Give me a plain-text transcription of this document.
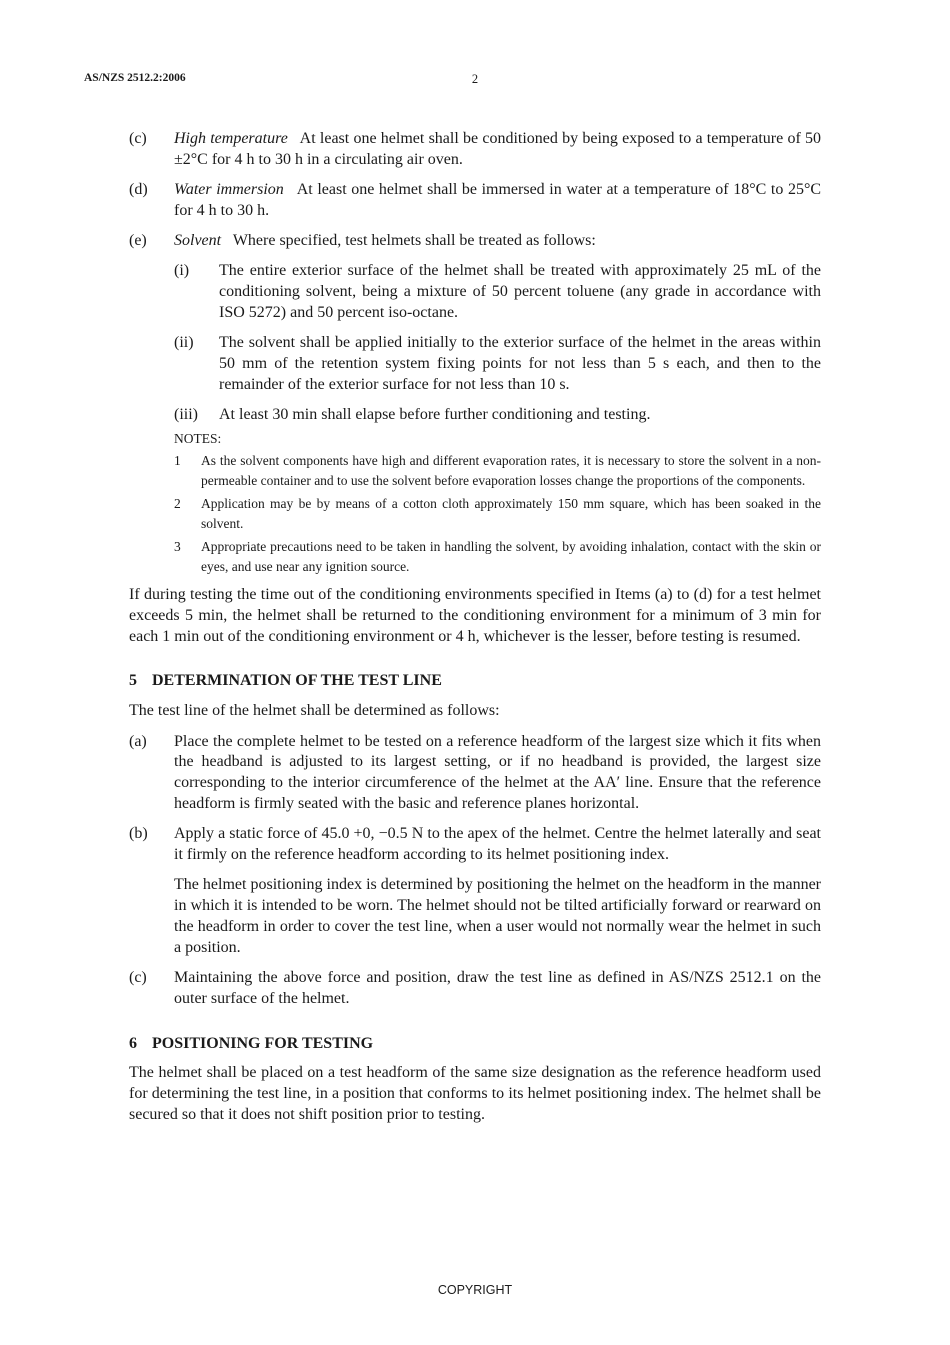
AS/NZS 2512.2:2006	2
(c) High temperature At least one helmet shall be conditioned by being exposed to a temperature of 50 ±2°C for 4 h to 30 h in a circulating air oven.
(d) Water immersion At least one helmet shall be immersed in water at a temperature of 18°C to 25°C for 4 h to 30 h.
(e) Solvent Where specified, test helmets shall be treated as follows:
(i) The entire exterior surface of the helmet shall be treated with approximately 25 mL of the conditioning solvent, being a mixture of 50 percent toluene (any grade in accordance with ISO 5272) and 50 percent iso-octane.
(ii) The solvent shall be applied initially to the exterior surface of the helmet in the areas within 50 mm of the retention system fixing points for not less than 5 s each, and then to the remainder of the exterior surface for not less than 10 s.
(iii) At least 30 min shall elapse before further conditioning and testing.
NOTES:
1 As the solvent components have high and different evaporation rates, it is necessary to store the solvent in a non-permeable container and to use the solvent before evaporation losses change the proportions of the components.
2 Application may be by means of a cotton cloth approximately 150 mm square, which has been soaked in the solvent.
3 Appropriate precautions need to be taken in handling the solvent, by avoiding inhalation, contact with the skin or eyes, and use near any ignition source.
If during testing the time out of the conditioning environments specified in Items (a) to (d) for a test helmet exceeds 5 min, the helmet shall be returned to the conditioning environment for a minimum of 3 min for each 1 min out of the conditioning environment or 4 h, whichever is the lesser, before testing is resumed.
5 DETERMINATION OF THE TEST LINE
The test line of the helmet shall be determined as follows:
(a) Place the complete helmet to be tested on a reference headform of the largest size which it fits when the headband is adjusted to its largest setting, or if no headband is provided, the largest size corresponding to the interior circumference of the helmet at the AA′ line. Ensure that the reference headform is firmly seated with the basic and reference planes horizontal.
(b) Apply a static force of 45.0 +0, −0.5 N to the apex of the helmet. Centre the helmet laterally and seat it firmly on the reference headform according to its helmet positioning index.
The helmet positioning index is determined by positioning the helmet on the headform in the manner in which it is intended to be worn. The helmet should not be tilted artificially forward or rearward on the headform in order to cover the test line, when a user would not normally wear the helmet in such a position.
(c) Maintaining the above force and position, draw the test line as defined in AS/NZS 2512.1 on the outer surface of the helmet.
6 POSITIONING FOR TESTING
The helmet shall be placed on a test headform of the same size designation as the reference headform used for determining the test line, in a position that conforms to its helmet positioning index. The helmet shall be secured so that it does not shift position prior to testing.
COPYRIGHT
